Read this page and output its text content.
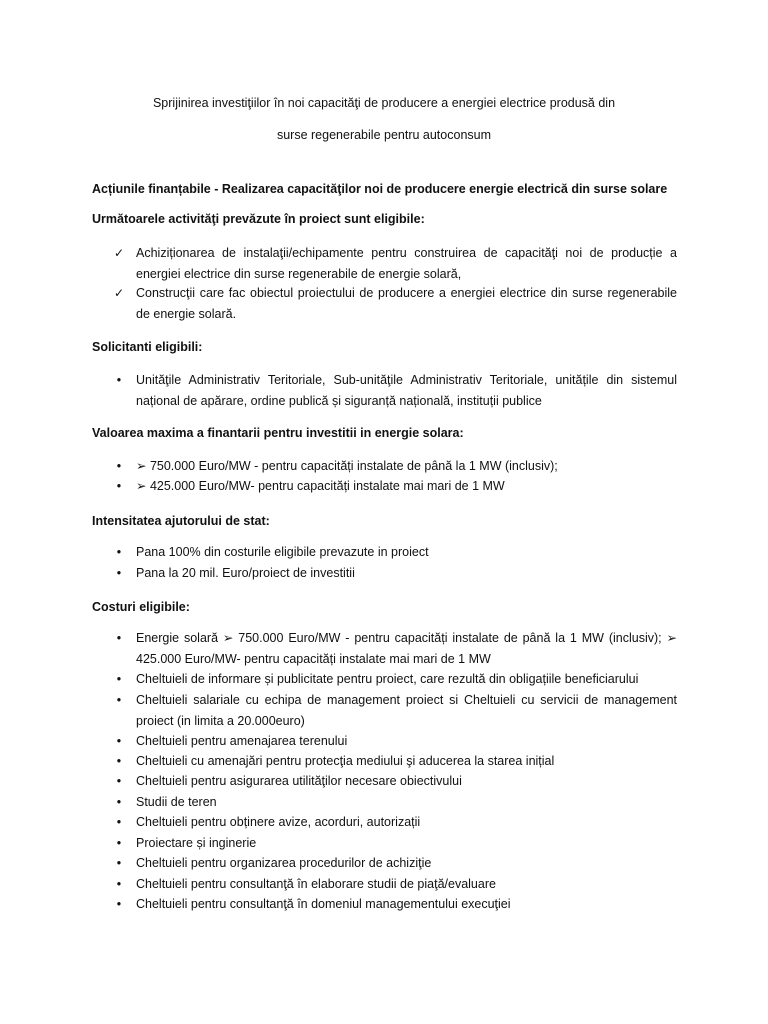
Sprijinirea investiţiilor în noi capacităţi de producere a energiei electrice produsă din
surse regenerabile pentru autoconsum
Acțiunile finanțabile - Realizarea capacităţilor noi de producere energie electrică din surse solare
Următoarele activităţi prevăzute în proiect sunt eligibile:
✓ Achiziționarea de instalaţii/echipamente pentru construirea de capacităţi noi de producție a energiei electrice din surse regenerabile de energie solară,
✓ Construcţii care fac obiectul proiectului de producere a energiei electrice din surse regenerabile de energie solară.
Solicitanti eligibili:
•	Unităţile Administrativ Teritoriale, Sub-unităţile Administrativ Teritoriale, unitățile din sistemul național de apărare, ordine publică și siguranță națională, instituții publice
Valoarea maxima a finantarii pentru investitii in energie solara:
•	➢ 750.000 Euro/MW - pentru capacități instalate de până la 1 MW (inclusiv);
•	➢ 425.000 Euro/MW- pentru capacități instalate mai mari de 1 MW
Intensitatea ajutorului de stat:
•	Pana 100% din costurile eligibile prevazute in proiect
•	Pana la 20 mil. Euro/proiect de investitii
Costuri eligibile:
•	Energie solară ➢ 750.000 Euro/MW - pentru capacități instalate de până la 1 MW (inclusiv); ➢ 425.000 Euro/MW- pentru capacități instalate mai mari de 1 MW
•	Cheltuieli de informare și publicitate pentru proiect, care rezultă din obligațiile beneficiarului
•	Cheltuieli salariale cu echipa de management proiect si Cheltuieli cu servicii de management proiect (in limita a 20.000euro)
•	Cheltuieli pentru amenajarea terenului
•	Cheltuieli cu amenajări pentru protecţia mediului şi aducerea la starea inițial
•	Cheltuieli pentru asigurarea utilităţilor necesare obiectivului
•	Studii de teren
•	Cheltuieli pentru obținere avize, acorduri, autorizații
•	Proiectare și inginerie
•	Cheltuieli pentru organizarea procedurilor de achiziţie
•	Cheltuieli pentru consultanţă în elaborare studii de piaţă/evaluare
•	Cheltuieli pentru consultanţă în domeniul managementului execuţiei
